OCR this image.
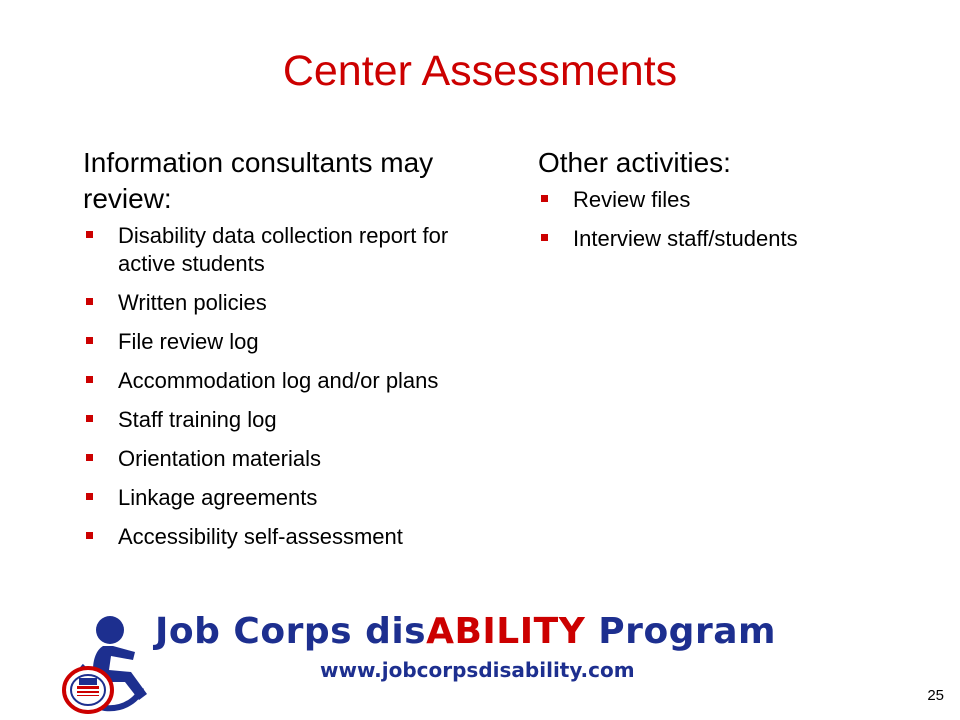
Center Assessments
Information consultants may review:
Disability data collection report for active students
Written policies
File review log
Accommodation log and/or plans
Staff training log
Orientation materials
Linkage agreements
Accessibility self-assessment
Other activities:
Review files
Interview staff/students
Job Corps disABILITY Program
www.jobcorpsdisability.com
25
